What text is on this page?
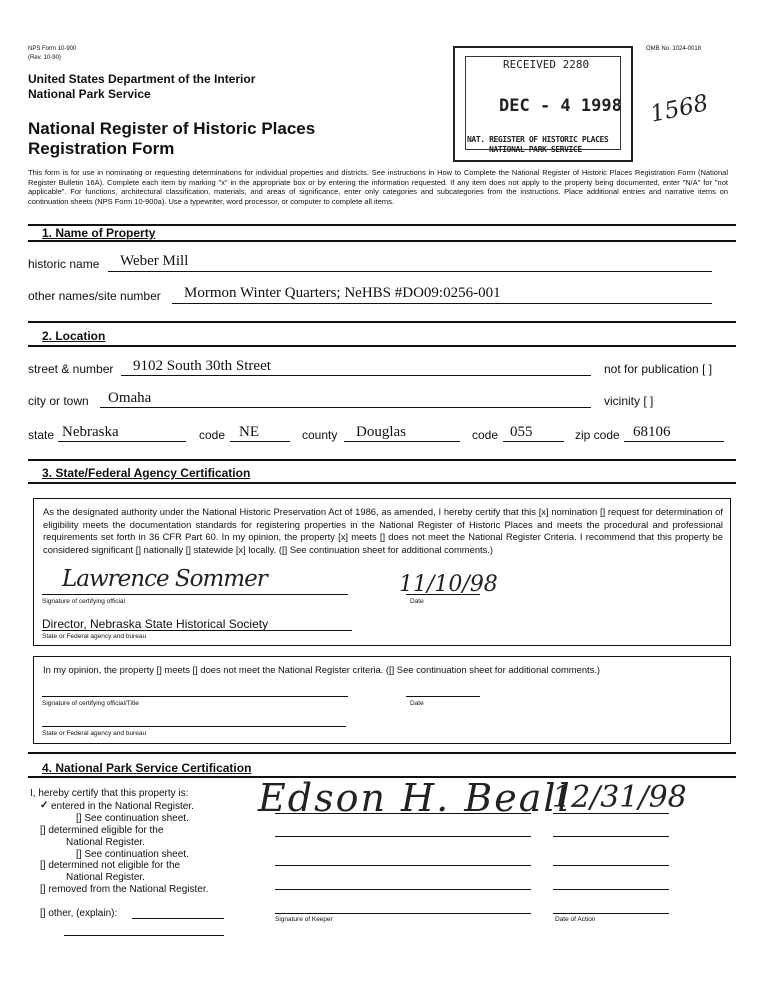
NPS Form 10-900
(Rev. 10-90)
OMB No. 1024-0018
United States Department of the Interior
National Park Service
National Register of Historic Places
Registration Form
RECEIVED 2280
DEC - 4 1998
NAT. REGISTER OF HISTORIC PLACES
NATIONAL PARK SERVICE
1568
This form is for use in nominating or requesting determinations for individual properties and districts. See instructions in How to Complete the National Register of Historic Places Registration Form (National Register Bulletin 16A). Complete each item by marking "x" in the appropriate box or by entering the information requested. If any item does not apply to the property being documented, enter "N/A" for "not applicable". For functions, architectural classification, materials, and areas of significance, enter only categories and subcategories from the instructions. Place additional entries and narrative items on continuation sheets (NPS Form 10-900a). Use a typewriter, word processor, or computer to complete all items.
1. Name of Property
historic name Weber Mill
other names/site number Mormon Winter Quarters; NeHBS #DO09:0256-001
2. Location
street & number 9102 South 30th Street	not for publication [ ]
city or town Omaha	vicinity [ ]
state Nebraska	code NE	county Douglas	code 055	zip code 68106
3. State/Federal Agency Certification
As the designated authority under the National Historic Preservation Act of 1986, as amended, I hereby certify that this [x] nomination [] request for determination of eligibility meets the documentation standards for registering properties in the National Register of Historic Places and meets the procedural and professional requirements set forth in 36 CFR Part 60. In my opinion, the property [x] meets [] does not meet the National Register Criteria. I recommend that this property be considered significant [] nationally [] statewide [x] locally. ([] See continuation sheet for additional comments.)
Lawrence Sommer
Signature of certifying official
11/10/98
Date
Director, Nebraska State Historical Society
State or Federal agency and bureau
In my opinion, the property [] meets [] does not meet the National Register criteria. ([] See continuation sheet for additional comments.)
Signature of certifying official/Title	Date
State or Federal agency and bureau
4. National Park Service Certification
I, hereby certify that this property is:
✓ entered in the National Register.
[] See continuation sheet.
[] determined eligible for the
National Register.
[] See continuation sheet.
[] determined not eligible for the
National Register.
[] removed from the National Register.
[] other, (explain):
Edson H. Beall
12/31/98
Signature of Keeper	Date of Action
